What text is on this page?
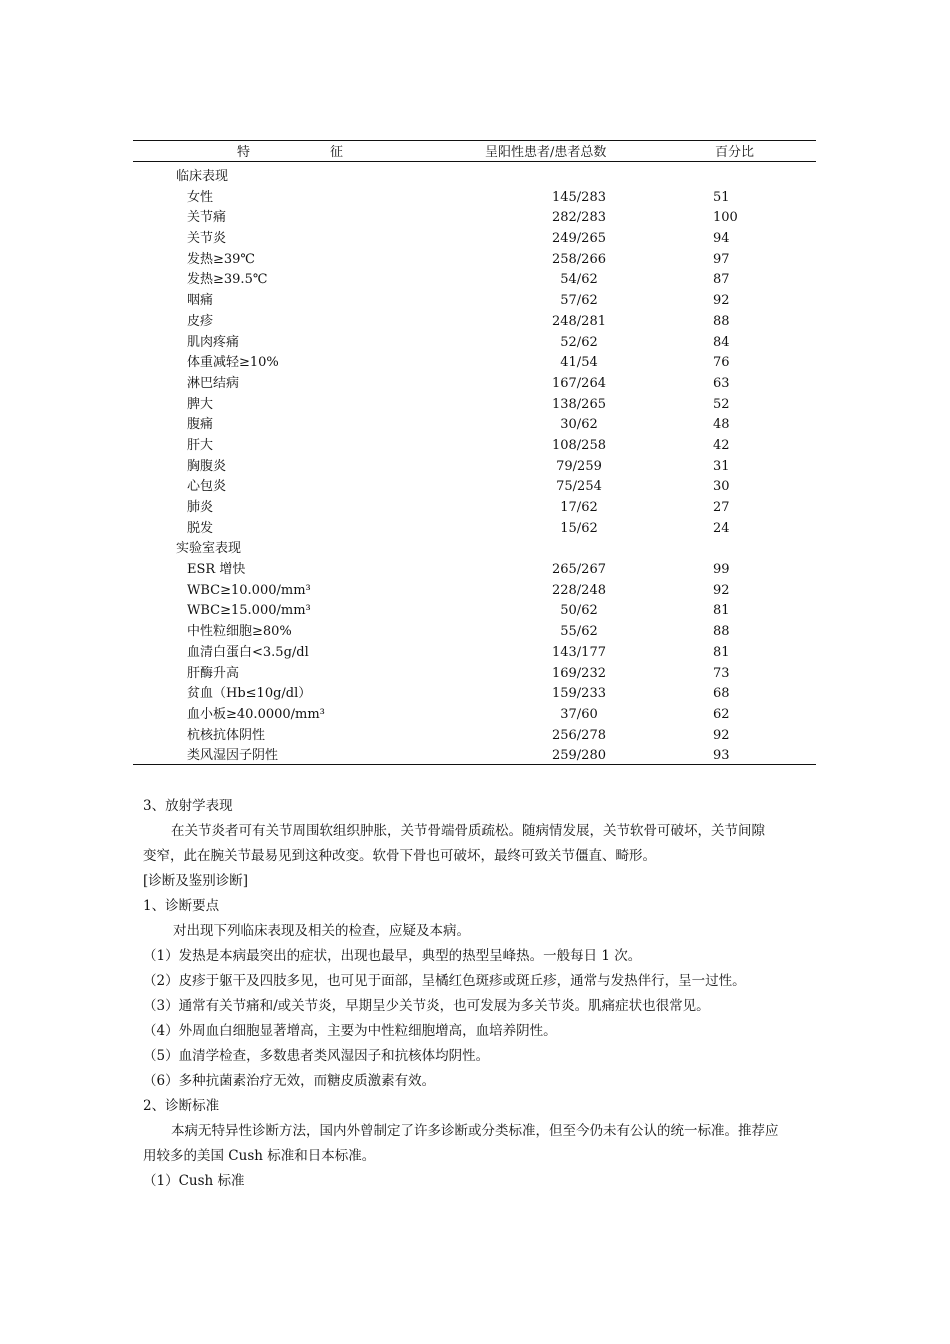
特	征	呈阳性患者/患者总数	百分比
临床表现
女性	145/283	51
关节痛	282/283	100
关节炎	249/265	94
发热≥39℃	258/266	97
发热≥39.5℃	54/62	87
咽痛	57/62	92
皮疹	248/281	88
肌肉疼痛	52/62	84
体重减轻≥10%	41/54	76
淋巴结病	167/264	63
脾大	138/265	52
腹痛	30/62	48
肝大	108/258	42
胸腹炎	79/259	31
心包炎	75/254	30
肺炎	17/62	27
脱发	15/62	24
实验室表现
ESR 增快	265/267	99
WBC≥10.000/mm³	228/248	92
WBC≥15.000/mm³	50/62	81
中性粒细胞≥80%	55/62	88
血清白蛋白<3.5g/dl	143/177	81
肝酶升高	169/232	73
贫血（Hb≤10g/dl）	159/233	68
血小板≥40.0000/mm³	37/60	62
杭核抗体阴性	256/278	92
类风湿因子阴性	259/280	93

3、放射学表现

在关节炎者可有关节周围软组织肿胀，关节骨端骨质疏松。随病情发展，关节软骨可破坏，关节间隙

变窄，此在腕关节最易见到这种改变。软骨下骨也可破坏，最终可致关节僵直、畸形。

[诊断及鉴别诊断]

1、诊断要点

对出现下列临床表现及相关的检查，应疑及本病。

（1）发热是本病最突出的症状，出现也最早，典型的热型呈峰热。一般每日 1 次。

（2）皮疹于躯干及四肢多见，也可见于面部，呈橘红色斑疹或斑丘疹，通常与发热伴行，呈一过性。

（3）通常有关节痛和/或关节炎，早期呈少关节炎，也可发展为多关节炎。肌痛症状也很常见。

（4）外周血白细胞显著增高，主要为中性粒细胞增高，血培养阴性。

（5）血清学检查，多数患者类风湿因子和抗核体均阴性。

（6）多种抗菌素治疗无效，而糖皮质激素有效。

2、诊断标准

本病无特异性诊断方法，国内外曾制定了许多诊断或分类标准，但至今仍未有公认的统一标准。推荐应

用较多的美国 Cush 标准和日本标准。

（1）Cush 标准
